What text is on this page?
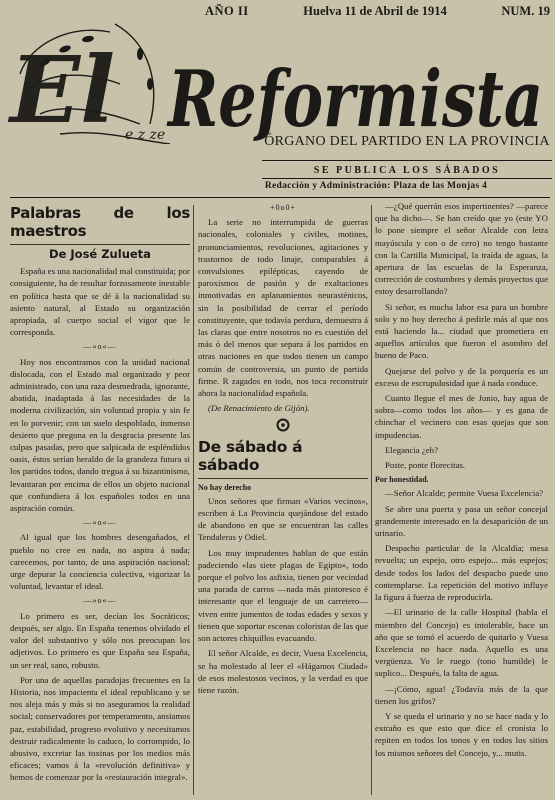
AÑO II	Huelva 11 de Abril de 1914	NUM. 19
e z ze
El Reformista
ÓRGANO DEL PARTIDO EN LA PROVINCIA
SE PUBLICA LOS SÁBADOS
Redacción y Administración: Plaza de las Monjas 4

Palabras de los maestros

De José Zulueta

España es una nacionalidad mal constituida; por consiguiente, ha de resultar forzosamente inestable en política hasta que se dé á la nacionalidad su asiento natural, al Estado su organización apropiada, al cuerpo social el vigor que le corresponda.

—»o«—

Hoy nos encontramos con la unidad nacional dislocada, con el Estado mal organizado y peor administrado, con una raza desmedrada, ignorante, abatida, inadaptada á las necesidades de la moderna civilización, sin voluntad propia y sin fe en lo porvenir; con un suelo despoblado, inmenso desierto que pregona en la desgracia presente las culpas pasadas, pero que salpicada de espléndidos oasis, éstos serían heraldo de la grandeza futura si los partidos todos, dando tregua á su bizantinismo, levantaran por encima de ellos un objeto nacional que confundiera á los españoles todos en una aspiración común.

—»o«—

Al igual que los hombres desengañados, el pueblo no cree en nada, no aspira á nada; carecemos, por tanto, de una aspiración nacional; urge depurar la conciencia colectiva, vigorizar la voluntad, levantar el ideal.

—»o«—

Lo primero es ser, decían los Socráticos; después, ser algo. En España tenemos olvidado el valor del substantivo y sólo nos preocupan los adjetivos. Lo primero es que España sea España, un ser real, sano, robusto.

Por una de aquellas paradojas frecuentes en la Historia, nos impacienta el ideal republicano y se nos aleja más y más si no aseguramos la realidad social; conservadores por temperamento, ansiamos paz, estabilidad, progreso evolutivo y necesitamos destruir radicalmente lo caduco, lo corrompido, lo abusivo, excretar las toxinas por los medios más eficaces; vamos á la «revolución definitiva» y hemos de comenzar por la «restauración integral».

+0o0+

La serie no interrumpida de guerras nacionales, coloniales y civiles, motines, pronunciamientos, revoluciones, agitaciones y trastornos de todo linaje, comparables á convulsiones epilépticas, cayendo de paroxismos de pasión y de exaltaciones inmotivadas en aplanamientos neurasténicos, sin la posibilidad de cerrar el período constituyente, que todavía perdura, demuestra á las claras que entre nosotros no es cuestión del más ó del menos que separa á los partidos en otras naciones en que todos tienen un campo común de controversia, un punto de partida firme. R zagados en todo, nos toca reconstruir ahora la nacionalidad española.

(De Renacimiento de Gijón).

De sábado á sábado

No hay derecho

Unos señores que firman «Varios vecinos», escriben á La Provincia quejándose del estado de abandono en que se encuentran las calles Tendaleras y Odiel.

Los muy imprudentes hablan de que están padeciendo «las siete plagas de Egipto», todo porque el polvo los asfixia, tienen por vecindad una parada de carros —nada más pintoresco é interesante que el lenguaje de un carretero— viven entre jumentos de todas edades y sexos y tienen que soportar escenas coloristas de las que son actores chiquillos evacuando.

El señor Alcalde, es decir, Vuesa Excelencia, se ha molestado al leer el «Hágamos Ciudad» de esos molestosos vecinos, y la verdad es que tiene razón.

—¿Qué querrán esos impertinentes? —parece que ha dicho—. Se han creído que yo (este YO lo pone siempre el señor Alcalde con letra mayúscula y con o de cero) no tengo bastante con la Cartilla Municipal, la traída de aguas, la apertura de las escuelas de la Esperanza, corrección de costumbres y demás proyectos que estoy desarrollando?

Si señor, es mucha labor esa para un hombre solo y no hoy derecho á pedirle más al que nos está haciendo la... ciudad que prometiera en aquellos artículos que fueron el asombro del bueno de Paco.

Quejarse del polvo y de la porquería es un exceso de escrupulosidad que á nada conduce.

Cuanto llegue el mes de Junio, hay agua de sobra—como todos los años— y es gana de chinchar el vecinero con esas quejas que son impudencias.

Elegancia ¿eh?

Poste, ponte florecitas.

Por honestidad.

—Señor Alcalde; permite Vuesa Excelencia?

Se abre una puerta y pasa un señor concejal grandemente interesado en la desaparición de un urinario.

Despacho particular de la Alcaldía; mesa revuelta; un espejo, otro espejo... más espejos; desde todos los lados del despacho puede uno contemplarse. La repetición del motivo influye la figura á fuerza de reproducirla.

—El urinario de la calle Hospital (habla el miembro del Concejo) es intolerable, hace un año que se tomó el acuerdo de quitarlo y Vuesa Excelencia no hace nada. Aquello es una vergüenza. Yo le ruego (tono humilde) le suplico... Después, la falta de agua.

—¡Cómo, agua! ¿Todavía más de la que tienen los grifos?

Y se queda el urinario y no se hace nada y lo extraño es que esto que dice el cronista lo repiten en todos los tonos y en todos los sitios los mismos señores del Concejo, y... mutis.
